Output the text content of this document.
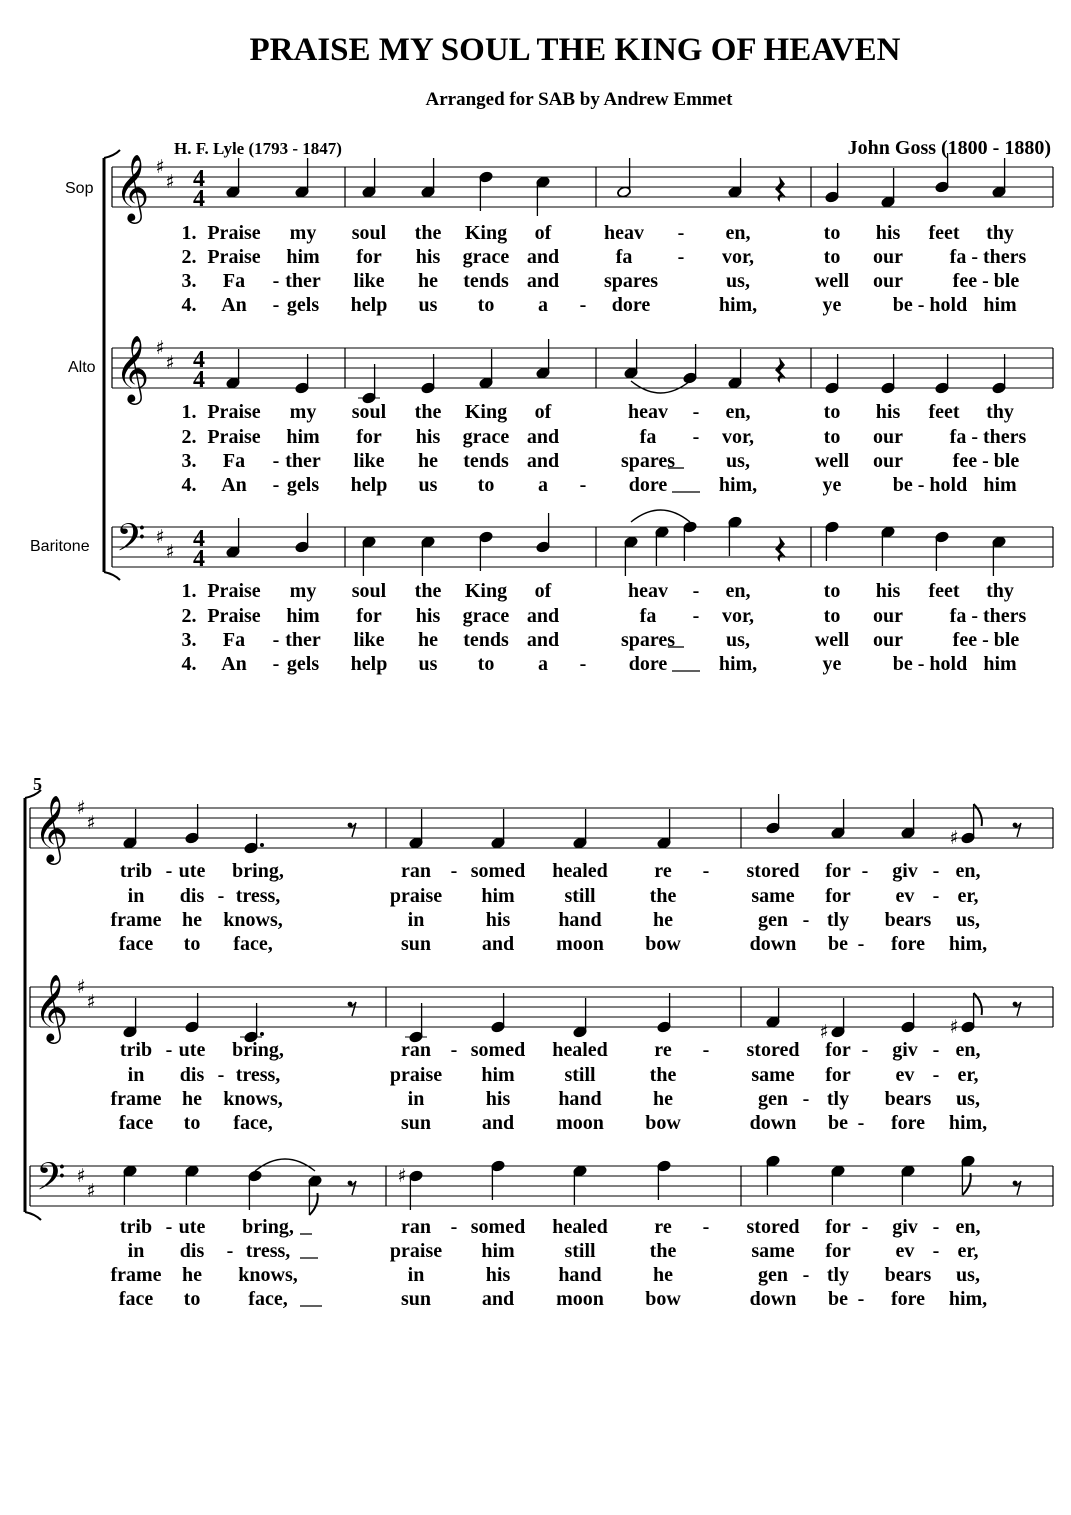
PRAISE MY SOUL THE KING OF HEAVEN
Arranged for SAB by Andrew Emmet
H. F. Lyle (1793 - 1847)	John Goss (1800 - 1880)
Sop
Alto
Baritone
5
𝄞 ♯
♯ 4
4
𝄞 ♯
♯ 4
4
𝄢 ♯
♯ 4
4
1. Praise my soul the King of	heav - en,	to his feet thy
2. Praise him for his grace and	fa - vor,	to our fa - thers
3. Fa - ther like he tends and spares	us,	well our fee - ble
4. An - gels help us to a - dore	him,	ye	be - hold him
1. Praise my soul the King of	heav - en,	to his feet thy
2. Praise him for his grace and	fa - vor,	to our fa - thers
3. Fa - ther like he tends and	spares	us,	well our fee - ble
4. An - gels help us to a - dore	him,	ye	be - hold him
1. Praise my soul the King of	heav - en,	to his feet thy
2. Praise him for his grace and	fa - vor,	to our fa - thers
3. Fa - ther like he tends and	spares	us,	well our fee - ble
4. An - gels help us to a - dore	him,	ye	be - hold him
𝄞 ♯
♯
𝄞 ♯
♯
𝄢 ♯
♯
♯
♯	♯
♯
trib - ute bring,	ran - somed healed re - stored for - giv - en,
in dis - tress,	praise him still	the	same for ev - er,
frame he knows,	in	his hand	he	gen - tly bears us,
face to face,	sun	and moon bow	down be - fore him,
trib - ute bring,	ran - somed healed re - stored for - giv - en,
in dis - tress,	praise him still	the	same for ev - er,
frame he knows,	in	his hand	he	gen - tly bears us,
face to face,	sun	and moon bow	down be - fore him,
trib - ute bring,	ran - somed healed re - stored for - giv - en,
in dis - tress,	praise him still	the	same for ev - er,
frame he knows,	in	his hand	he	gen - tly bears us,
face to face,	sun	and moon bow	down be - fore him,
